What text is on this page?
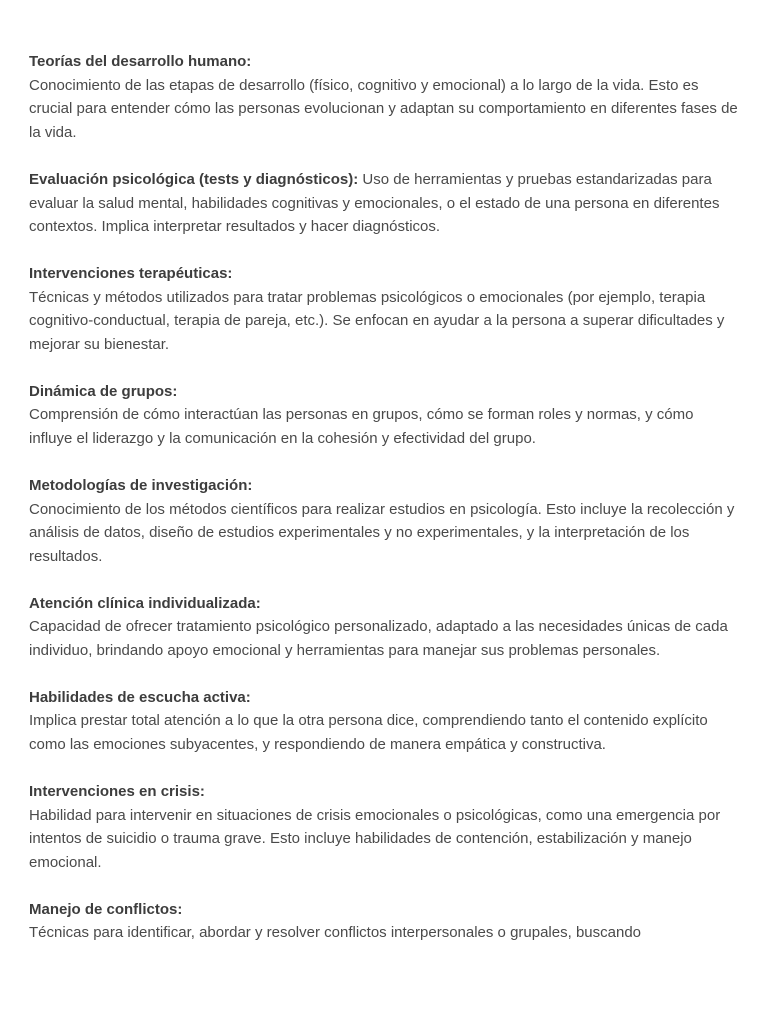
Teorías del desarrollo humano:
Conocimiento de las etapas de desarrollo (físico, cognitivo y emocional) a lo largo de la vida. Esto es crucial para entender cómo las personas evolucionan y adaptan su comportamiento en diferentes fases de la vida.

Evaluación psicológica (tests y diagnósticos): Uso de herramientas y pruebas estandarizadas para evaluar la salud mental, habilidades cognitivas y emocionales, o el estado de una persona en diferentes contextos. Implica interpretar resultados y hacer diagnósticos.

Intervenciones terapéuticas:
Técnicas y métodos utilizados para tratar problemas psicológicos o emocionales (por ejemplo, terapia cognitivo-conductual, terapia de pareja, etc.). Se enfocan en ayudar a la persona a superar dificultades y mejorar su bienestar.

Dinámica de grupos:
Comprensión de cómo interactúan las personas en grupos, cómo se forman roles y normas, y cómo influye el liderazgo y la comunicación en la cohesión y efectividad del grupo.

Metodologías de investigación:
Conocimiento de los métodos científicos para realizar estudios en psicología. Esto incluye la recolección y análisis de datos, diseño de estudios experimentales y no experimentales, y la interpretación de los resultados.

Atención clínica individualizada:
Capacidad de ofrecer tratamiento psicológico personalizado, adaptado a las necesidades únicas de cada individuo, brindando apoyo emocional y herramientas para manejar sus problemas personales.

Habilidades de escucha activa:
Implica prestar total atención a lo que la otra persona dice, comprendiendo tanto el contenido explícito como las emociones subyacentes, y respondiendo de manera empática y constructiva.

Intervenciones en crisis:
Habilidad para intervenir en situaciones de crisis emocionales o psicológicas, como una emergencia por intentos de suicidio o trauma grave. Esto incluye habilidades de contención, estabilización y manejo emocional.

Manejo de conflictos:
Técnicas para identificar, abordar y resolver conflictos interpersonales o grupales, buscando
